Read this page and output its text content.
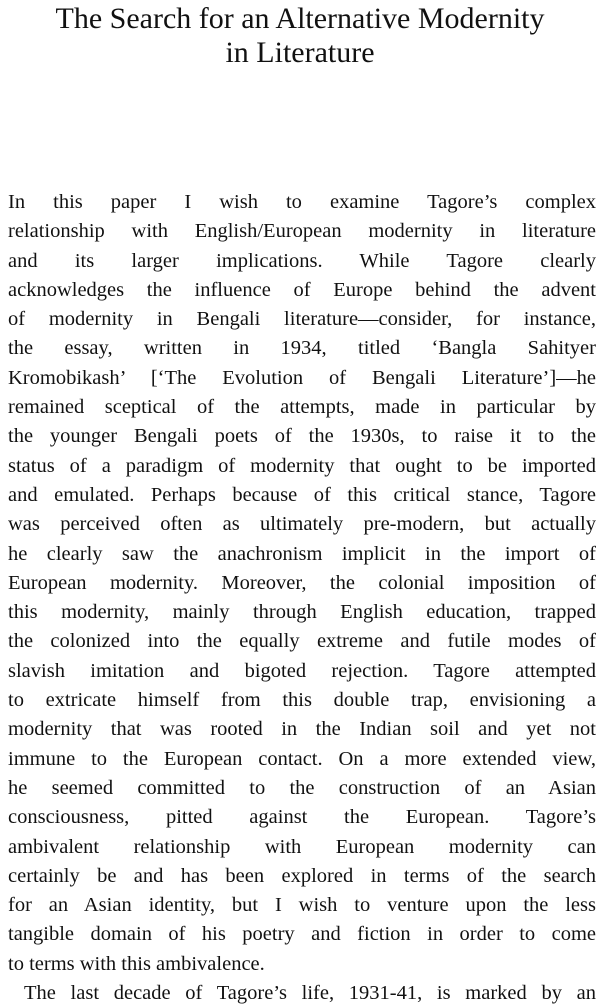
The Search for an Alternative Modernity
in Literature
In this paper I wish to examine Tagore’s complex
relationship with English/European modernity in literature
and its larger implications. While Tagore clearly
acknowledges the influence of Europe behind the advent
of modernity in Bengali literature—consider, for instance,
the essay, written in 1934, titled ‘Bangla Sahityer
Kromobikash’ [‘The Evolution of Bengali Literature’]—he
remained sceptical of the attempts, made in particular by
the younger Bengali poets of the 1930s, to raise it to the
status of a paradigm of modernity that ought to be imported
and emulated. Perhaps because of this critical stance, Tagore
was perceived often as ultimately pre-modern, but actually
he clearly saw the anachronism implicit in the import of
European modernity. Moreover, the colonial imposition of
this modernity, mainly through English education, trapped
the colonized into the equally extreme and futile modes of
slavish imitation and bigoted rejection. Tagore attempted
to extricate himself from this double trap, envisioning a
modernity that was rooted in the Indian soil and yet not
immune to the European contact. On a more extended view,
he seemed committed to the construction of an Asian
consciousness, pitted against the European. Tagore’s
ambivalent relationship with European modernity can
certainly be and has been explored in terms of the search
for an Asian identity, but I wish to venture upon the less
tangible domain of his poetry and fiction in order to come
to terms with this ambivalence.
The last decade of Tagore’s life, 1931-41, is marked by an
